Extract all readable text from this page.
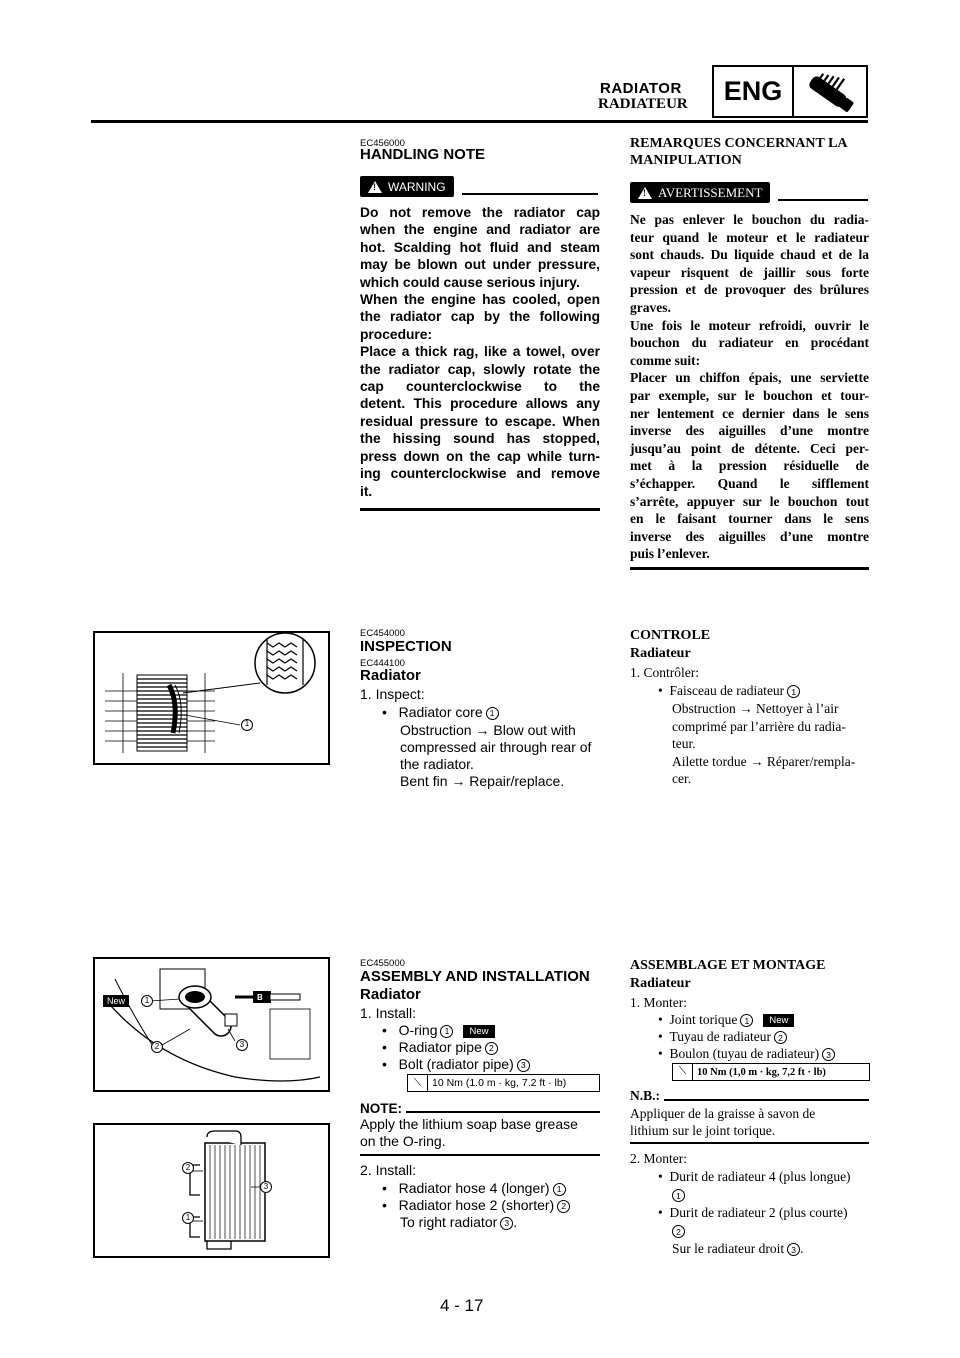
RADIATOR
RADIATEUR	ENG
EC456000
HANDLING NOTE
! WARNING
Do not remove the radiator cap
when the engine and radiator are
hot. Scalding hot fluid and steam
may be blown out under pressure,
which could cause serious injury.
When the engine has cooled, open
the radiator cap by the following
procedure:
Place a thick rag, like a towel, over
the radiator cap, slowly rotate the
cap counterclockwise to the
detent. This procedure allows any
residual pressure to escape. When
the hissing sound has stopped,
press down on the cap while turn-
ing counterclockwise and remove
it.
REMARQUES CONCERNANT LA
MANIPULATION
! AVERTISSEMENT
Ne pas enlever le bouchon du radia-
teur quand le moteur et le radiateur
sont chauds. Du liquide chaud et de la
vapeur risquent de jaillir sous forte
pression et de provoquer des brûlures
graves.
Une fois le moteur refroidi, ouvrir le
bouchon du radiateur en procédant
comme suit:
Placer un chiffon épais, une serviette
par exemple, sur le bouchon et tour-
ner lentement ce dernier dans le sens
inverse des aiguilles d’une montre
jusqu’au point de détente. Ceci per-
met à la pression résiduelle de
s’échapper. Quand le sifflement
s’arrête, appuyer sur le bouchon tout
en le faisant tourner dans le sens
inverse des aiguilles d’une montre
puis l’enlever.
1
EC454000
INSPECTION
EC444100
Radiator
1. Inspect:
•   Radiator core 1
Obstruction → Blow out with
compressed air through rear of
the radiator.
Bent fin → Repair/replace.
CONTROLE
Radiateur
1. Contrôler:
•  Faisceau de radiateur 1
Obstruction → Nettoyer à l’air
comprimé par l’arrière du radia-
teur.
Ailette tordue → Réparer/rempla-
cer.
New	1
2	3
B
2
1
3
EC455000
ASSEMBLY AND INSTALLATION
Radiator
1. Install:
•   O-ring 1 New
•   Radiator pipe 2
•   Bolt (radiator pipe) 3
⟍	10 Nm (1.0 m · kg, 7.2 ft · lb)
NOTE:
Apply the lithium soap base grease
on the O-ring.
2. Install:
•   Radiator hose 4 (longer) 1
•   Radiator hose 2 (shorter) 2
To right radiator 3 .
ASSEMBLAGE ET MONTAGE
Radiateur
1. Monter:
•  Joint torique 1 New
•  Tuyau de radiateur 2
•  Boulon (tuyau de radiateur) 3
⟍	10 Nm (1,0 m · kg, 7,2 ft · lb)
N.B.:
Appliquer de la graisse à savon de
lithium sur le joint torique.
2. Monter:
•  Durit de radiateur 4 (plus longue)
1
•  Durit de radiateur 2 (plus courte)
2
Sur le radiateur droit 3 .
4 - 17
